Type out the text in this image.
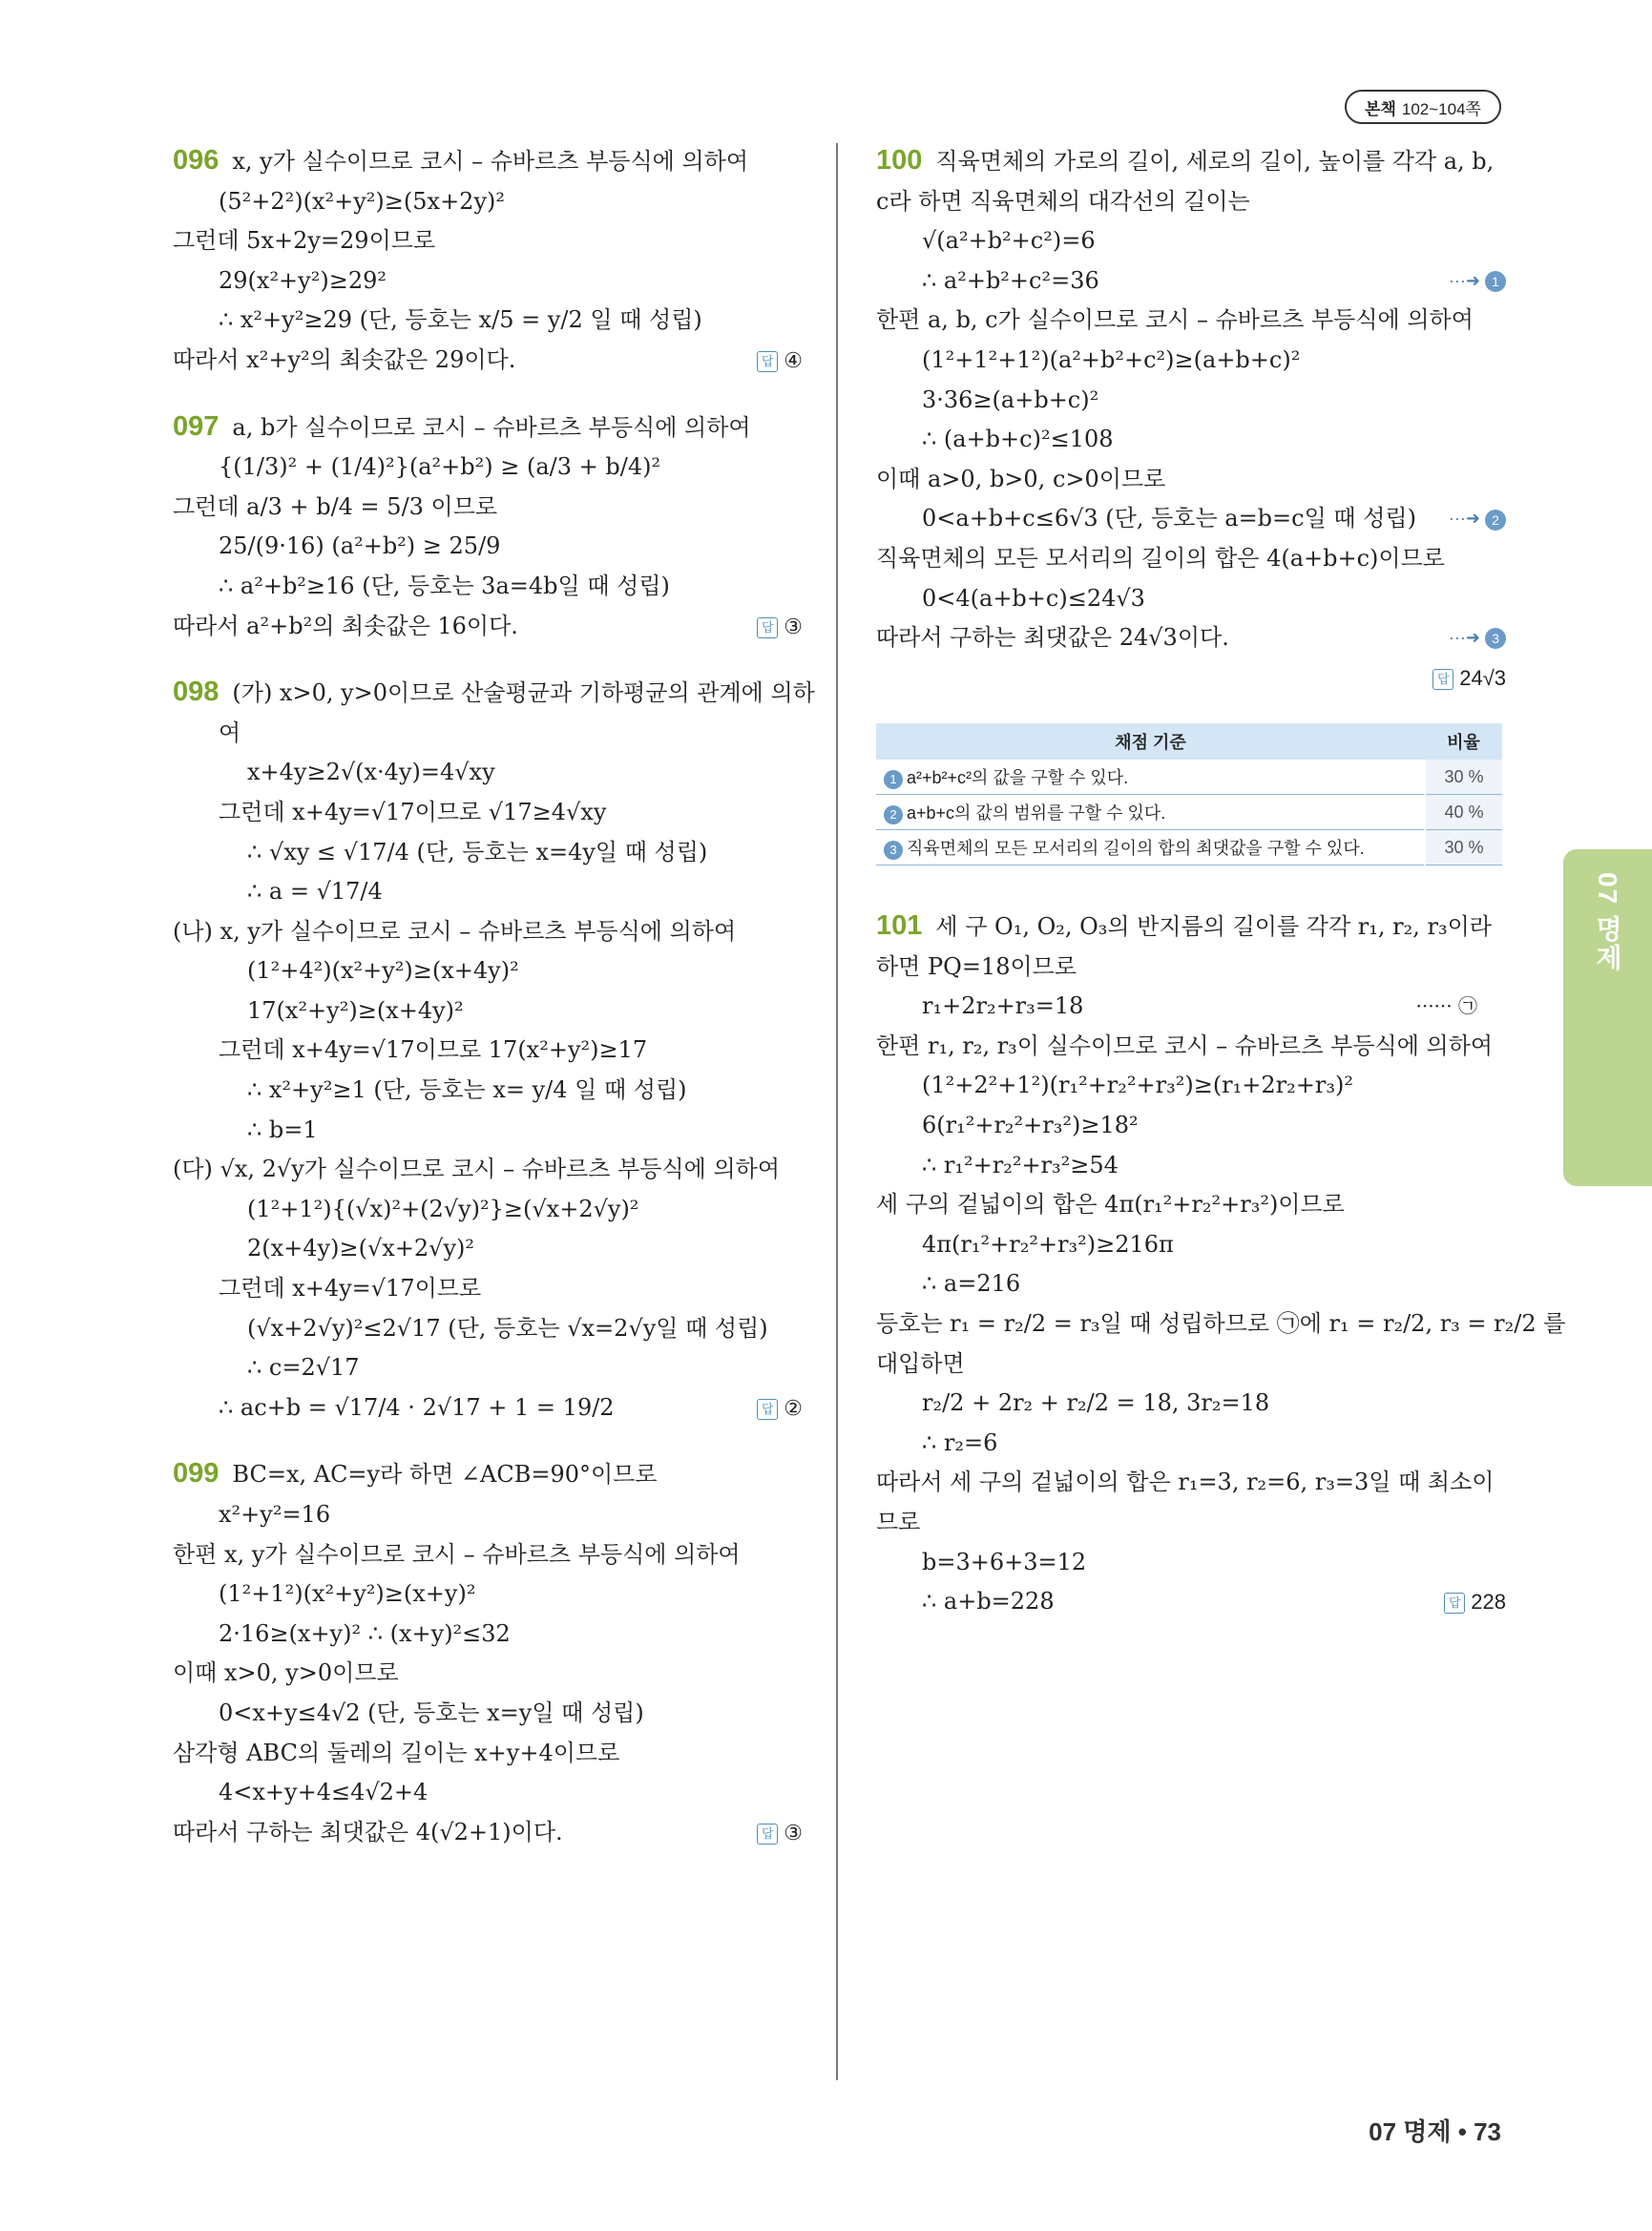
본책 102~104쪽
096 x, y가 실수이므로 코시 – 슈바르츠 부등식에 의하여
(5²+2²)(x²+y²)≥(5x+2y)²
그런데 5x+2y=29이므로
29(x²+y²)≥29²
∴ x²+y²≥29 (단, 등호는 x/5 = y/2 일 때 성립)
따라서 x²+y²의 최솟값은 29이다.	답 ④
097 a, b가 실수이므로 코시 – 슈바르츠 부등식에 의하여
{(1/3)² + (1/4)²}(a²+b²) ≥ (a/3 + b/4)²
그런데 a/3 + b/4 = 5/3 이므로
25/(9·16) (a²+b²) ≥ 25/9
∴ a²+b²≥16 (단, 등호는 3a=4b일 때 성립)
따라서 a²+b²의 최솟값은 16이다.	답 ③
098 (가) x>0, y>0이므로 산술평균과 기하평균의 관계에 의하
여
x+4y≥2√(x·4y)=4√xy
그런데 x+4y=√17이므로 √17≥4√xy
∴ √xy ≤ √17/4 (단, 등호는 x=4y일 때 성립)
∴ a = √17/4
(나) x, y가 실수이므로 코시 – 슈바르츠 부등식에 의하여
(1²+4²)(x²+y²)≥(x+4y)²
17(x²+y²)≥(x+4y)²
그런데 x+4y=√17이므로 17(x²+y²)≥17
∴ x²+y²≥1 (단, 등호는 x= y/4 일 때 성립)
∴ b=1
(다) √x, 2√y가 실수이므로 코시 – 슈바르츠 부등식에 의하여
(1²+1²){(√x)²+(2√y)²}≥(√x+2√y)²
2(x+4y)≥(√x+2√y)²
그런데 x+4y=√17이므로
(√x+2√y)²≤2√17 (단, 등호는 √x=2√y일 때 성립)
∴ c=2√17
∴ ac+b = √17/4 · 2√17 + 1 = 19/2	답 ②
099 BC=x, AC=y라 하면 ∠ACB=90°이므로
x²+y²=16
한편 x, y가 실수이므로 코시 – 슈바르츠 부등식에 의하여
(1²+1²)(x²+y²)≥(x+y)²
2·16≥(x+y)² ∴ (x+y)²≤32
이때 x>0, y>0이므로
0<x+y≤4√2 (단, 등호는 x=y일 때 성립)
삼각형 ABC의 둘레의 길이는 x+y+4이므로
4<x+y+4≤4√2+4
따라서 구하는 최댓값은 4(√2+1)이다.	답 ③
100 직육면체의 가로의 길이, 세로의 길이, 높이를 각각 a, b,
c라 하면 직육면체의 대각선의 길이는
√(a²+b²+c²)=6
∴ a²+b²+c²=36	···➜ 1
한편 a, b, c가 실수이므로 코시 – 슈바르츠 부등식에 의하여
(1²+1²+1²)(a²+b²+c²)≥(a+b+c)²
3·36≥(a+b+c)²
∴ (a+b+c)²≤108
이때 a>0, b>0, c>0이므로
0<a+b+c≤6√3 (단, 등호는 a=b=c일 때 성립) ···➜ 2
직육면체의 모든 모서리의 길이의 합은 4(a+b+c)이므로
0<4(a+b+c)≤24√3
따라서 구하는 최댓값은 24√3이다.	···➜ 3
답 24√3
채점 기준	비율
1 a²+b²+c²의 값을 구할 수 있다.	30 %
2 a+b+c의 값의 범위를 구할 수 있다.	40 %
3 직육면체의 모든 모서리의 길이의 합의 최댓값을 구할 수 있다.	30 %
101 세 구 O₁, O₂, O₃의 반지름의 길이를 각각 r₁, r₂, r₃이라
하면 PQ=18이므로
r₁+2r₂+r₃=18	······ ㉠
한편 r₁, r₂, r₃이 실수이므로 코시 – 슈바르츠 부등식에 의하여
(1²+2²+1²)(r₁²+r₂²+r₃²)≥(r₁+2r₂+r₃)²
6(r₁²+r₂²+r₃²)≥18²
∴ r₁²+r₂²+r₃²≥54
세 구의 겉넓이의 합은 4π(r₁²+r₂²+r₃²)이므로
4π(r₁²+r₂²+r₃²)≥216π
∴ a=216
등호는 r₁ = r₂/2 = r₃일 때 성립하므로 ㉠에 r₁ = r₂/2, r₃ = r₂/2 를
대입하면
r₂/2 + 2r₂ + r₂/2 = 18, 3r₂=18
∴ r₂=6
따라서 세 구의 겉넓이의 합은 r₁=3, r₂=6, r₃=3일 때 최소이
므로
b=3+6+3=12
∴ a+b=228	답 228
07 명제
07 명제 • 73
